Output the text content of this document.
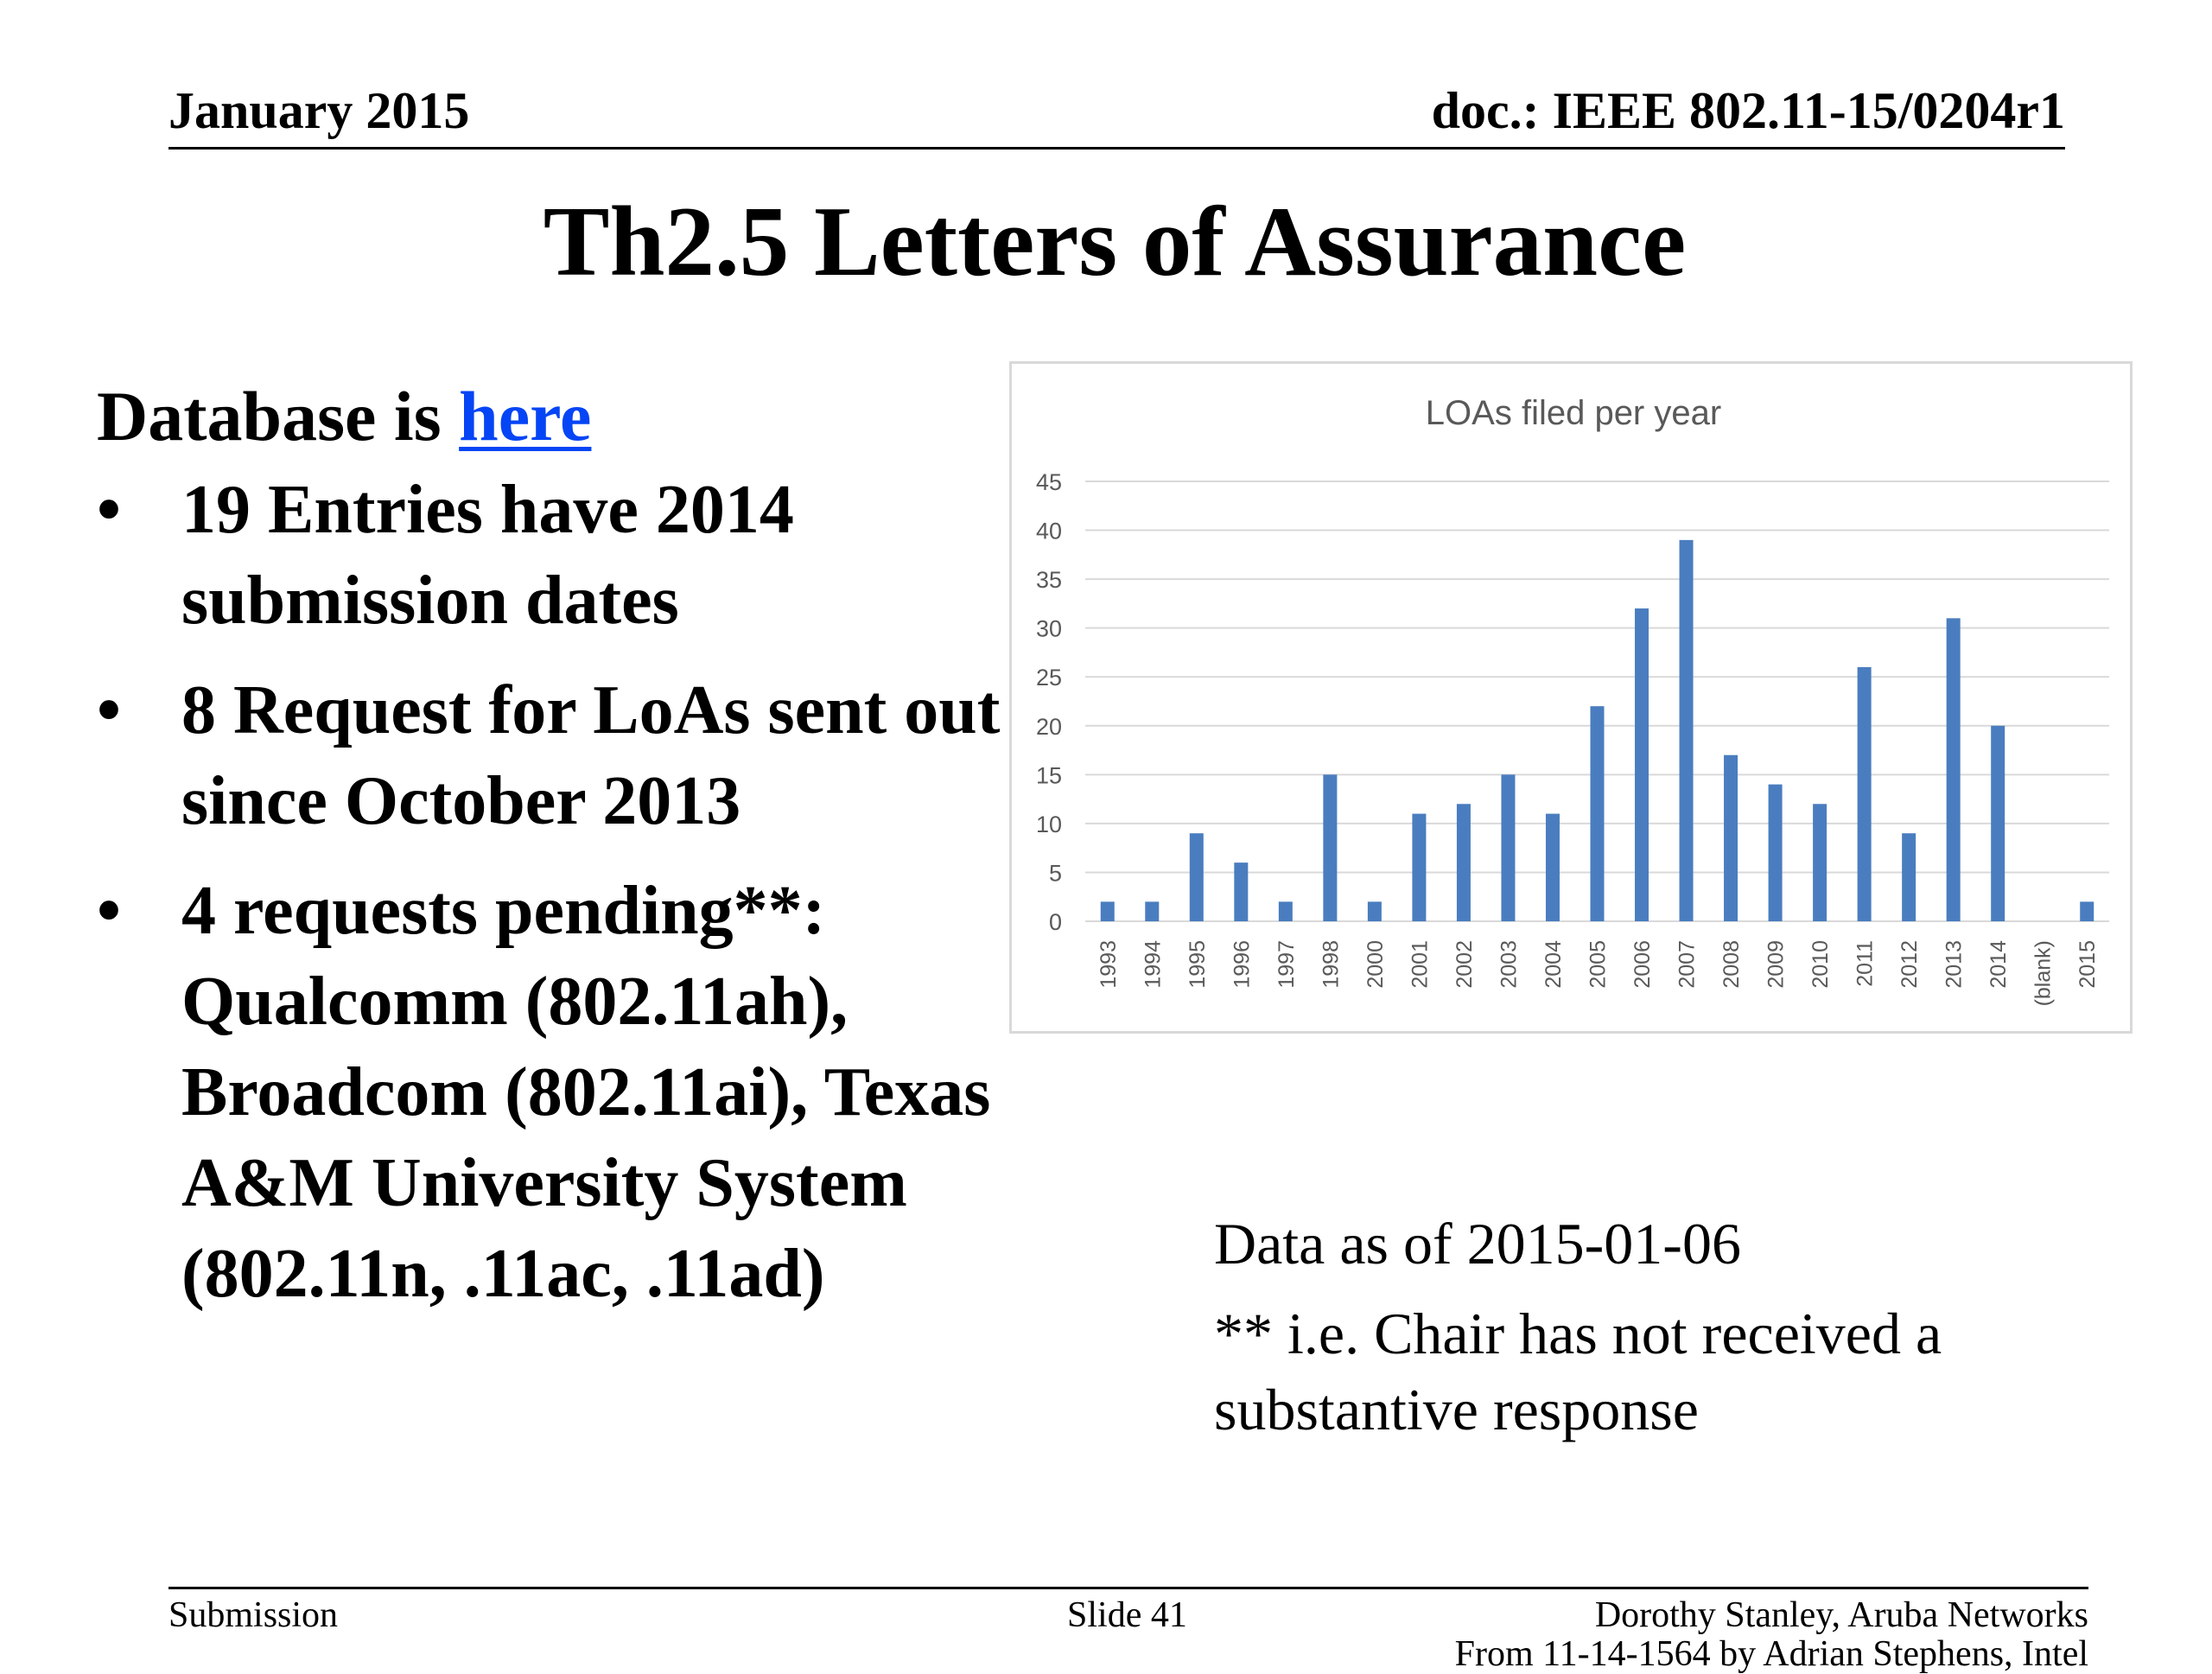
January 2015	doc.: IEEE 802.11-15/0204r1
Th2.5 Letters of Assurance
Database is here
• 19 Entries have 2014 submission dates
• 8 Request for LoAs sent out since October 2013
• 4 requests pending**: Qualcomm (802.11ah), Broadcom (802.11ai), Texas A&M University System (802.11n, .11ac, .11ad)
LOAs filed per year
0
5
10
15
20
25
30
35
40
45
1993 1994 1995 1996 1997 1998 2000 2001 2002 2003 2004 2005 2006 2007 2008 2009 2010 2011 2012 2013 2014 (blank) 2015

Data as of 2015-01-06

** i.e. Chair has not received a substantive response

Submission	Slide 41	Dorothy Stanley, Aruba Networks
From 11-14-1564 by Adrian Stephens, Intel
